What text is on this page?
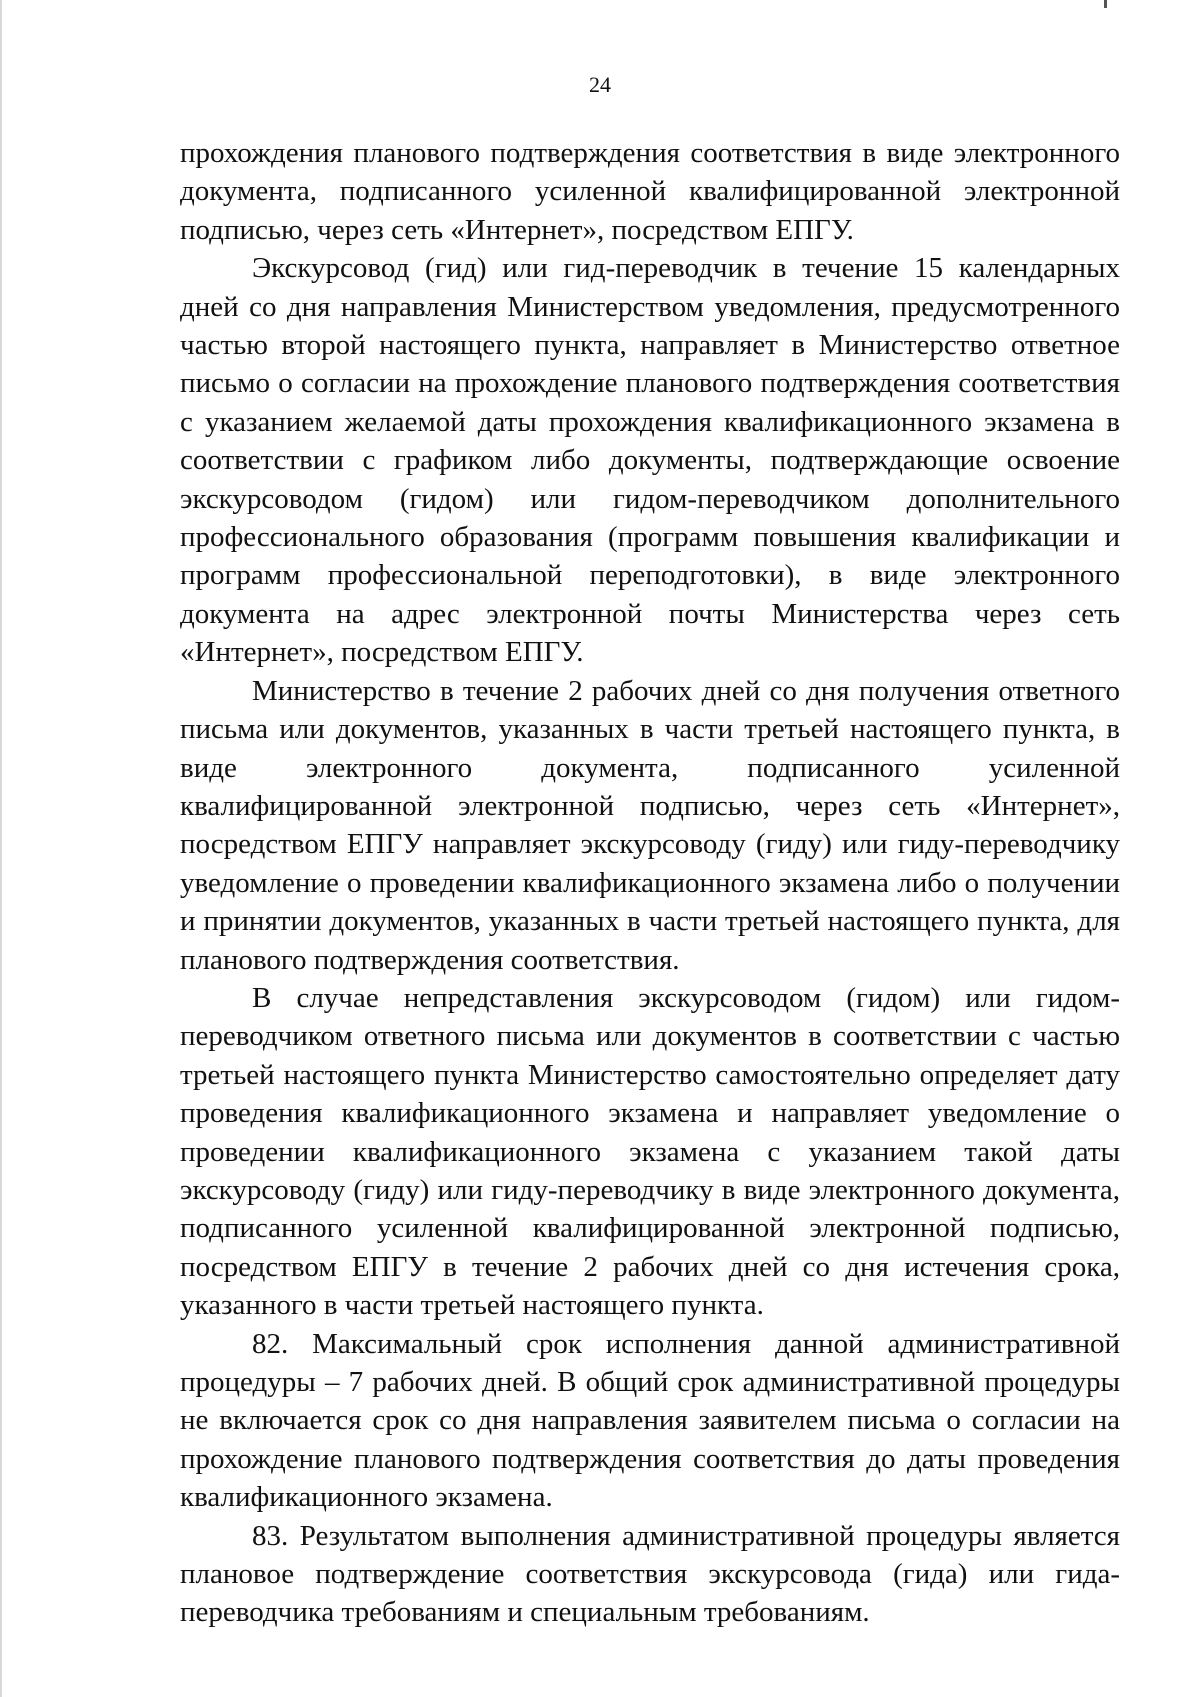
24

прохождения планового подтверждения соответствия в виде электронного документа, подписанного усиленной квалифицированной электронной подписью, через сеть «Интернет», посредством ЕПГУ.

Экскурсовод (гид) или гид-переводчик в течение 15 календарных дней со дня направления Министерством уведомления, предусмотренного частью второй настоящего пункта, направляет в Министерство ответное письмо о согласии на прохождение планового подтверждения соответствия с указанием желаемой даты прохождения квалификационного экзамена в соответствии с графиком либо документы, подтверждающие освоение экскурсоводом (гидом) или гидом-переводчиком дополнительного профессионального образования (программ повышения квалификации и программ профессиональной переподготовки), в виде электронного документа на адрес электронной почты Министерства через сеть «Интернет», посредством ЕПГУ.

Министерство в течение 2 рабочих дней со дня получения ответного письма или документов, указанных в части третьей настоящего пункта, в виде электронного документа, подписанного усиленной квалифицированной электронной подписью, через сеть «Интернет», посредством ЕПГУ направляет экскурсоводу (гиду) или гиду-переводчику уведомление о проведении квалификационного экзамена либо о получении и принятии документов, указанных в части третьей настоящего пункта, для планового подтверждения соответствия.

В случае непредставления экскурсоводом (гидом) или гидом-переводчиком ответного письма или документов в соответствии с частью третьей настоящего пункта Министерство самостоятельно определяет дату проведения квалификационного экзамена и направляет уведомление о проведении квалификационного экзамена с указанием такой даты экскурсоводу (гиду) или гиду-переводчику в виде электронного документа, подписанного усиленной квалифицированной электронной подписью, посредством ЕПГУ в течение 2 рабочих дней со дня истечения срока, указанного в части третьей настоящего пункта.

82. Максимальный срок исполнения данной административной процедуры – 7 рабочих дней. В общий срок административной процедуры не включается срок со дня направления заявителем письма о согласии на прохождение планового подтверждения соответствия до даты проведения квалификационного экзамена.

83. Результатом выполнения административной процедуры является плановое подтверждение соответствия экскурсовода (гида) или гида-переводчика требованиям и специальным требованиям.
